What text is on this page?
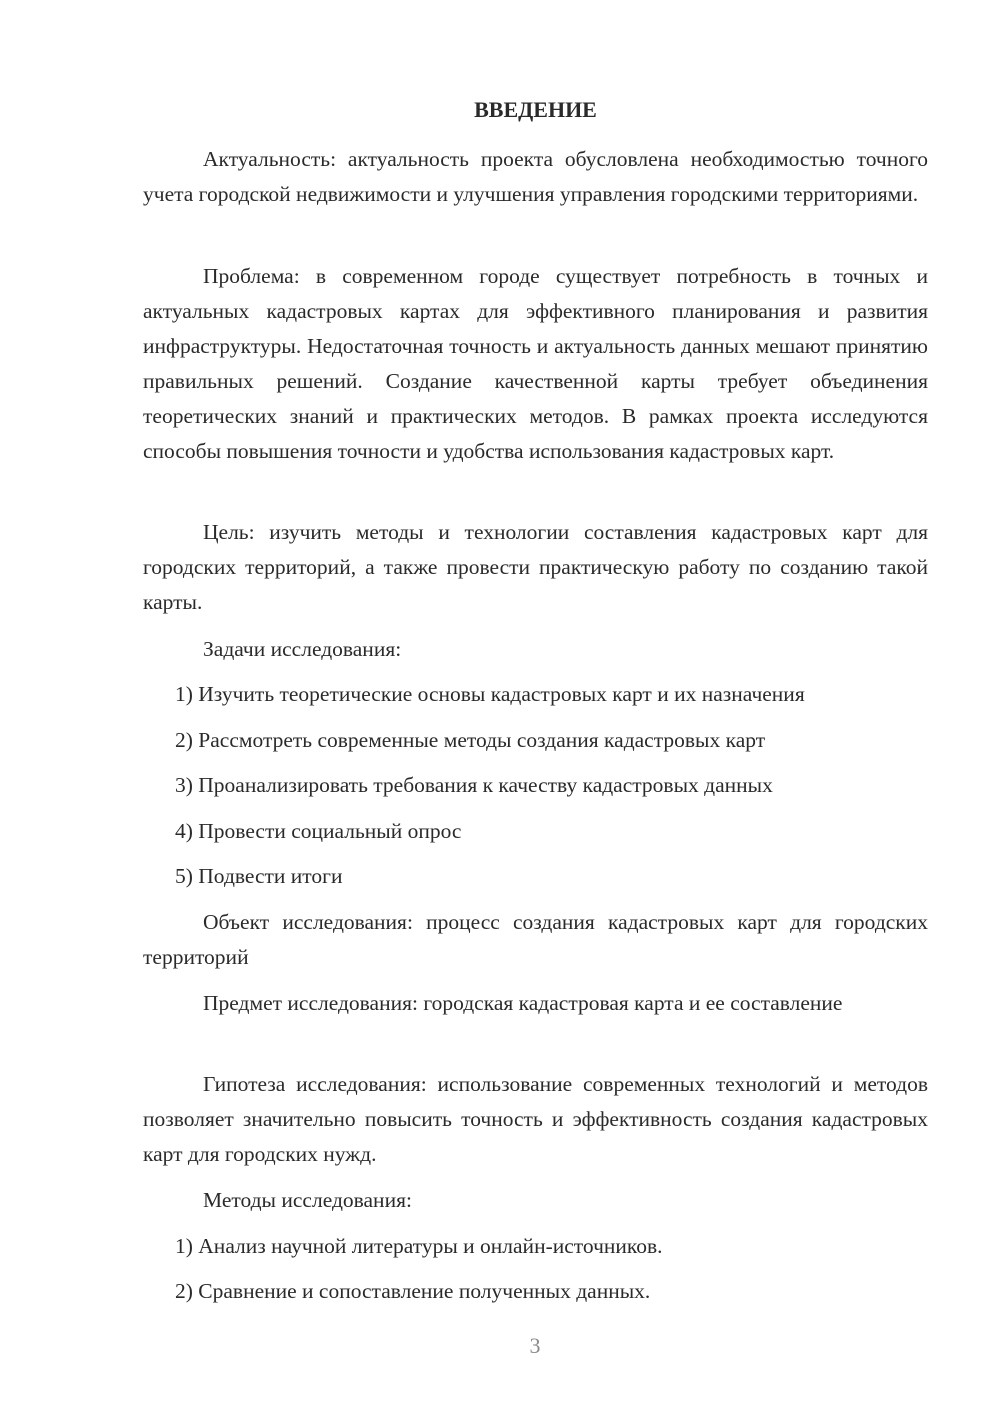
ВВЕДЕНИЕ

Актуальность: актуальность проекта обусловлена необходимостью точного учета городской недвижимости и улучшения управления городскими территориями.

Проблема: в современном городе существует потребность в точных и актуальных кадастровых картах для эффективного планирования и развития инфраструктуры. Недостаточная точность и актуальность данных мешают принятию правильных решений. Создание качественной карты требует объединения теоретических знаний и практических методов. В рамках проекта исследуются способы повышения точности и удобства использования кадастровых карт.

Цель: изучить методы и технологии составления кадастровых карт для городских территорий, а также провести практическую работу по созданию такой карты.

Задачи исследования:

1) Изучить теоретические основы кадастровых карт и их назначения

2) Рассмотреть современные методы создания кадастровых карт

3) Проанализировать требования к качеству кадастровых данных

4) Провести социальный опрос

5) Подвести итоги

Объект исследования: процесс создания кадастровых карт для городских территорий

Предмет исследования: городская кадастровая карта и ее составление

Гипотеза исследования: использование современных технологий и методов позволяет значительно повысить точность и эффективность создания кадастровых карт для городских нужд.

Методы исследования:

1) Анализ научной литературы и онлайн-источников.

2) Сравнение и сопоставление полученных данных.

3
